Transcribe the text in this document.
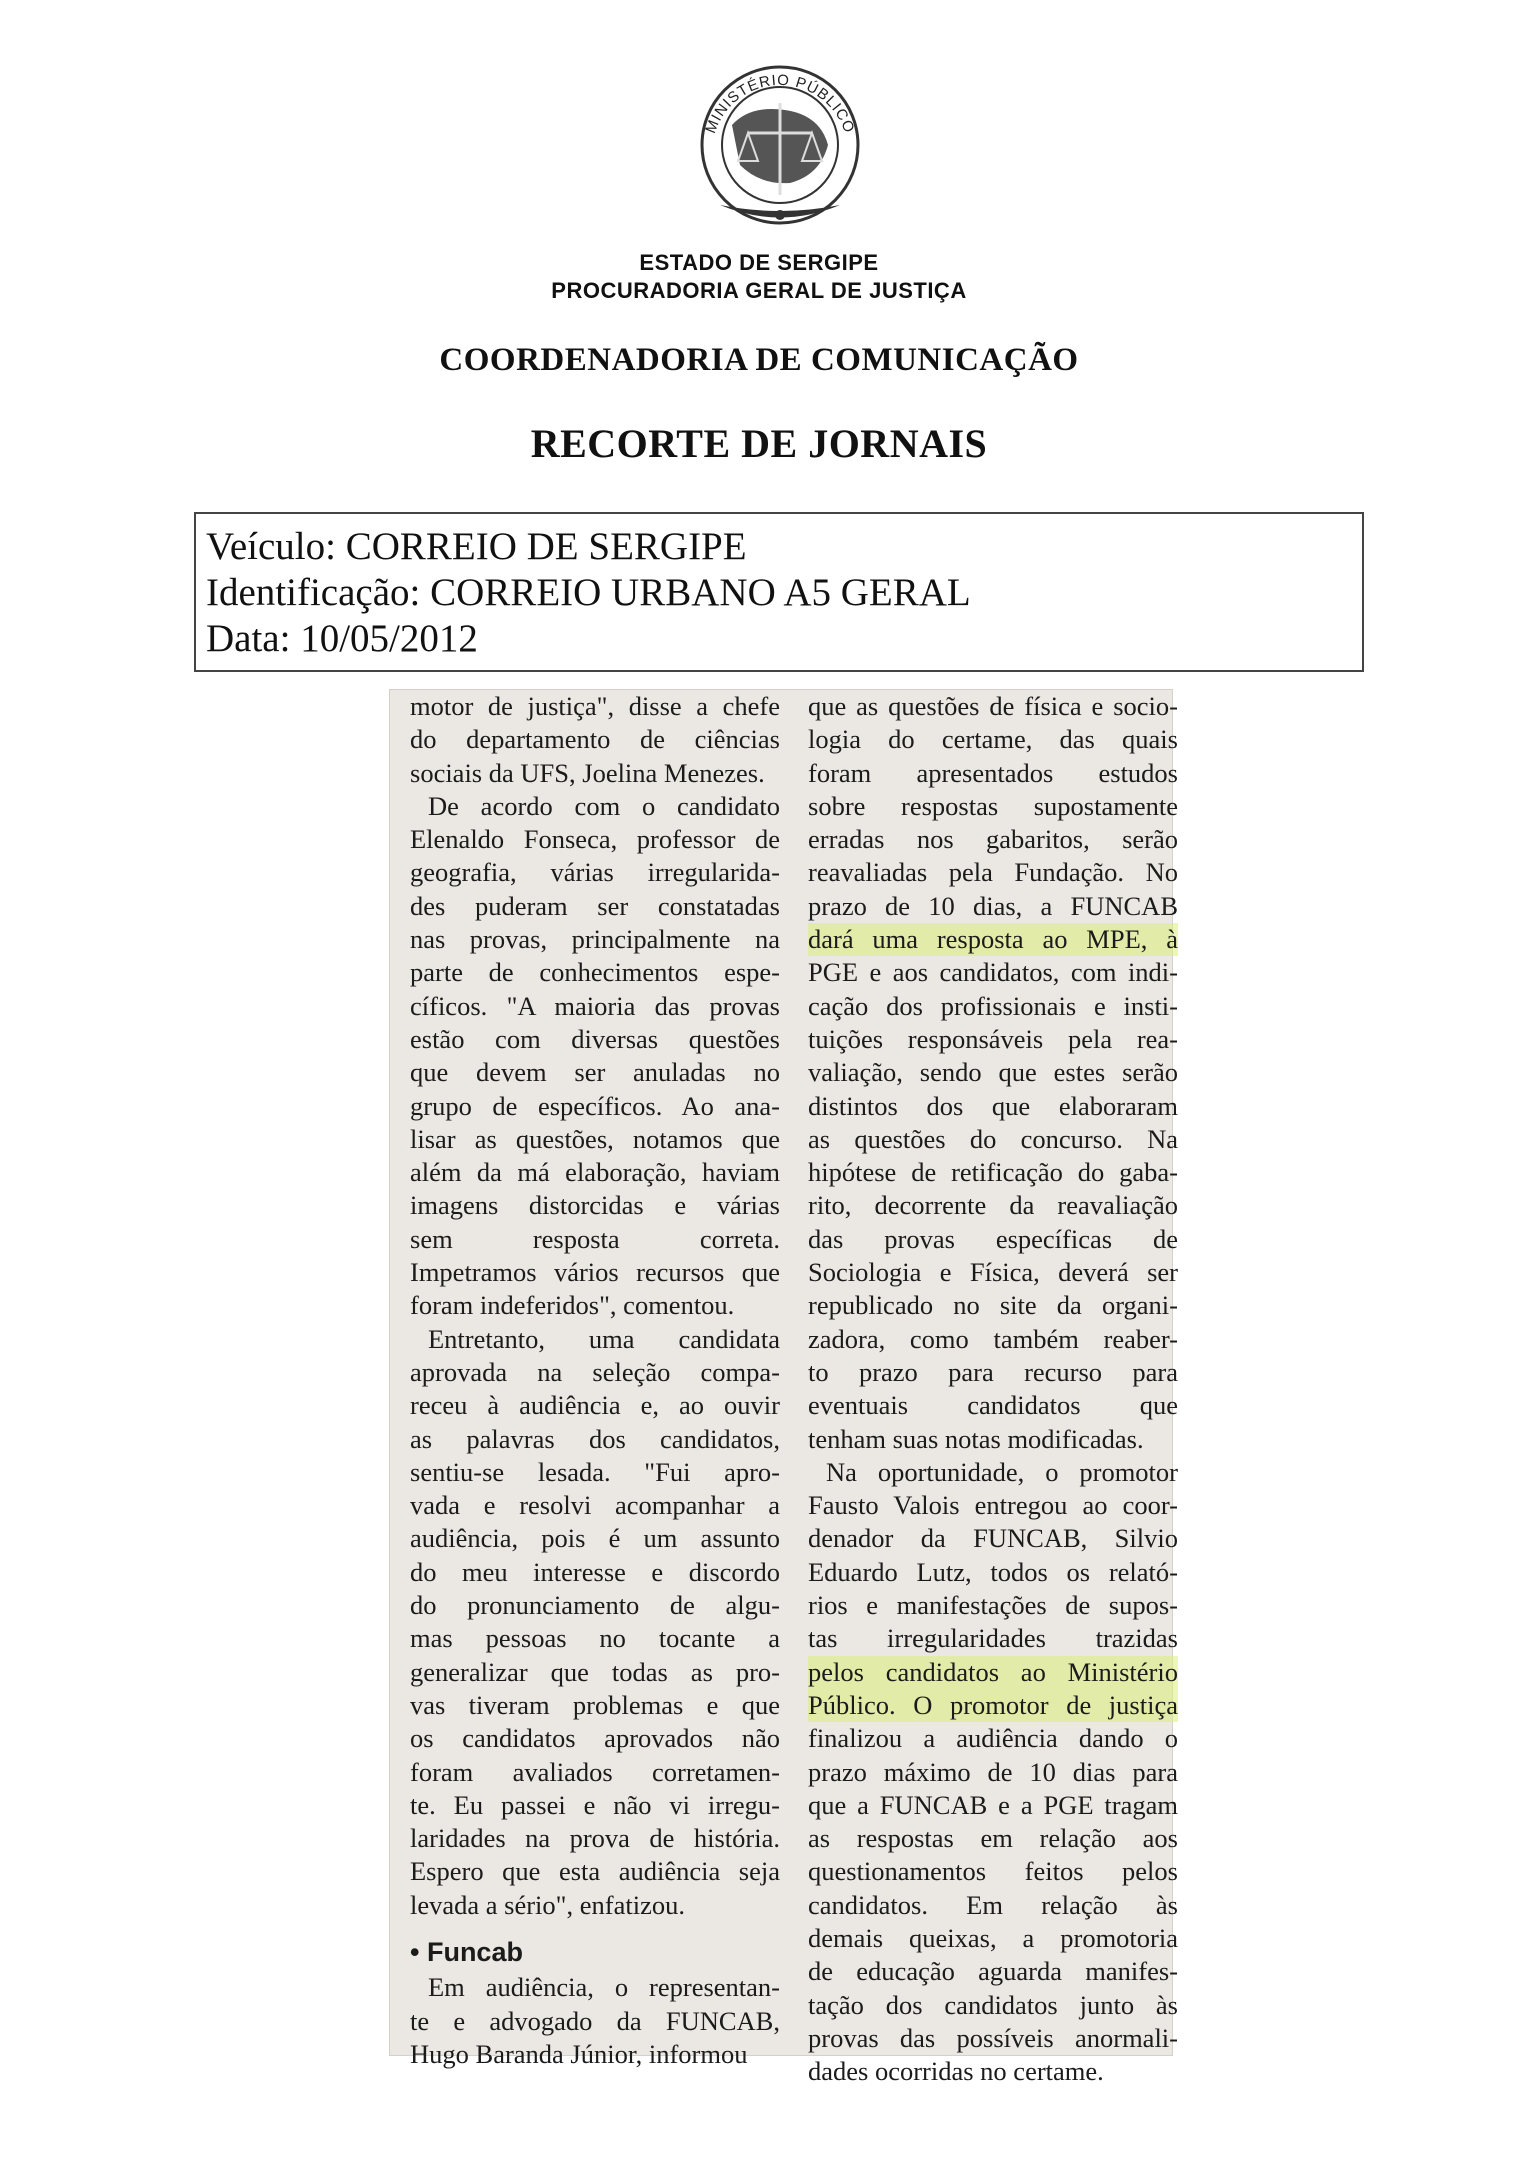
MINISTÉRIO PÚBLICO
ESTADO DE SERGIPE
PROCURADORIA GERAL DE JUSTIÇA
COORDENADORIA DE COMUNICAÇÃO
RECORTE DE JORNAIS
Veículo: CORREIO DE SERGIPE
Identificação: CORREIO URBANO A5 GERAL
Data: 10/05/2012
motor de justiça", disse a chefe
do departamento de ciências
sociais da UFS, Joelina Menezes.
De acordo com o candidato
Elenaldo Fonseca, professor de
geografia, várias irregularida-
des puderam ser constatadas
nas provas, principalmente na
parte de conhecimentos espe-
cíficos. "A maioria das provas
estão com diversas questões
que devem ser anuladas no
grupo de específicos. Ao ana-
lisar as questões, notamos que
além da má elaboração, haviam
imagens distorcidas e várias
sem resposta correta.
Impetramos vários recursos que
foram indeferidos", comentou.
Entretanto, uma candidata
aprovada na seleção compa-
receu à audiência e, ao ouvir
as palavras dos candidatos,
sentiu-se lesada. "Fui apro-
vada e resolvi acompanhar a
audiência, pois é um assunto
do meu interesse e discordo
do pronunciamento de algu-
mas pessoas no tocante a
generalizar que todas as pro-
vas tiveram problemas e que
os candidatos aprovados não
foram avaliados corretamen-
te. Eu passei e não vi irregu-
laridades na prova de história.
Espero que esta audiência seja
levada a sério", enfatizou.
• Funcab
Em audiência, o representan-
te e advogado da FUNCAB,
Hugo Baranda Júnior, informou
que as questões de física e socio-
logia do certame, das quais
foram apresentados estudos
sobre respostas supostamente
erradas nos gabaritos, serão
reavaliadas pela Fundação. No
prazo de 10 dias, a FUNCAB
dará uma resposta ao MPE, à
PGE e aos candidatos, com indi-
cação dos profissionais e insti-
tuições responsáveis pela rea-
valiação, sendo que estes serão
distintos dos que elaboraram
as questões do concurso. Na
hipótese de retificação do gaba-
rito, decorrente da reavaliação
das provas específicas de
Sociologia e Física, deverá ser
republicado no site da organi-
zadora, como também reaber-
to prazo para recurso para
eventuais candidatos que
tenham suas notas modificadas.
Na oportunidade, o promotor
Fausto Valois entregou ao coor-
denador da FUNCAB, Silvio
Eduardo Lutz, todos os relató-
rios e manifestações de supos-
tas irregularidades trazidas
pelos candidatos ao Ministério
Público. O promotor de justiça
finalizou a audiência dando o
prazo máximo de 10 dias para
que a FUNCAB e a PGE tragam
as respostas em relação aos
questionamentos feitos pelos
candidatos. Em relação às
demais queixas, a promotoria
de educação aguarda manifes-
tação dos candidatos junto às
provas das possíveis anormali-
dades ocorridas no certame.
